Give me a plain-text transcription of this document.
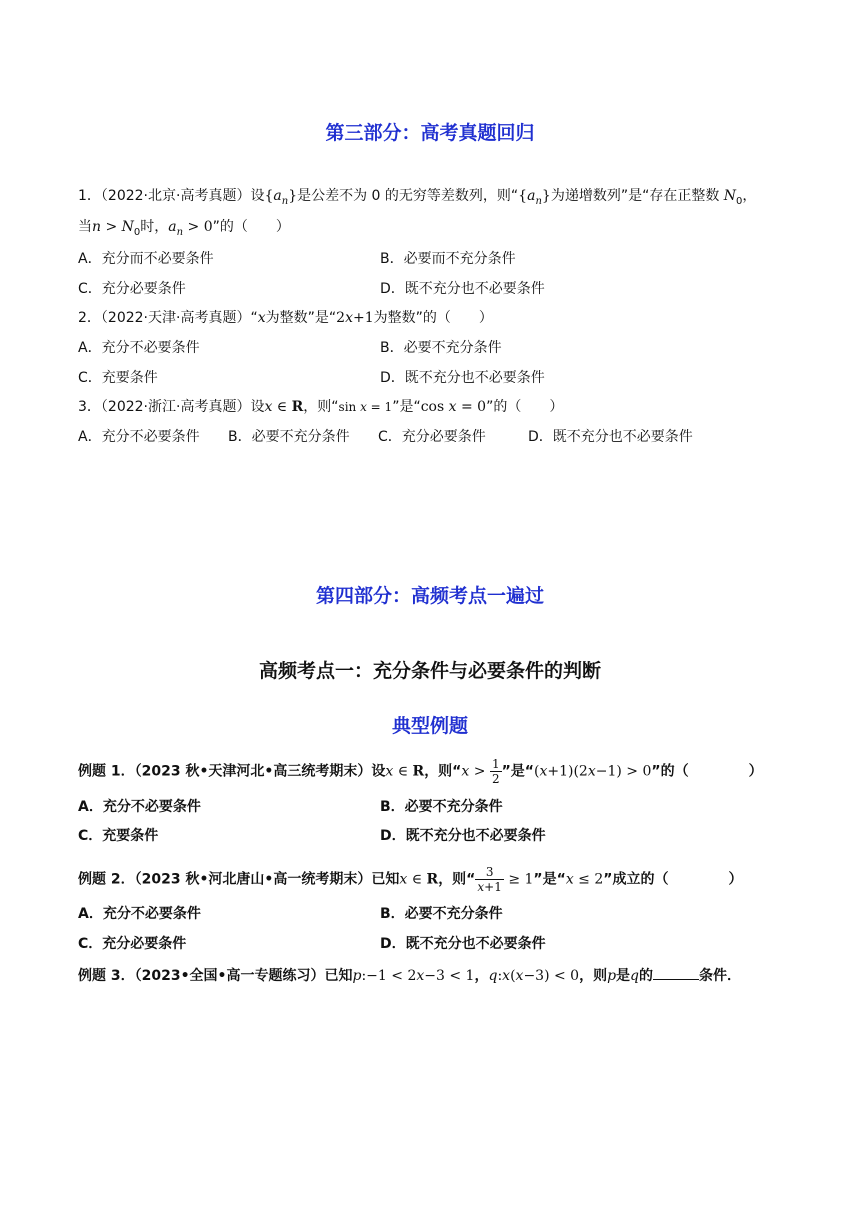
第三部分：高考真题回归
1．（2022·北京·高考真题）设$\{a_n\}$是公差不为 0 的无穷等差数列，则“$\{a_n\}$为递增数列”是“存在正整数 $N_0$，
当$n > N_0$时，$a_n > 0$”的（　　）
A．充分而不必要条件	B．必要而不充分条件
C．充分必要条件	D．既不充分也不必要条件
2．（2022·天津·高考真题）“x为整数”是“2x+1为整数”的（　　）
A．充分不必要条件	B．必要不充分条件
C．充要条件	D．既不充分也不必要条件
3．（2022·浙江·高考真题）设x ∈ R，则“sin x = 1”是“cos x = 0”的（　　）
A．充分不必要条件 B．必要不充分条件 C．充分必要条件	D．既不充分也不必要条件
第四部分：高频考点一遍过
高频考点一：充分条件与必要条件的判断
典型例题
例题 1．（2023 秋•天津河北•高三统考期末）设x ∈ R，则“$x > \frac{1}{2}$ ”是“(x+1)(2x−1) > 0”的（	）
A．充分不必要条件	B．必要不充分条件
C．充要条件	D．既不充分也不必要条件
例题 2．（2023 秋•河北唐山•高一统考期末）已知x ∈ R，则“ $\frac{3}{x+1} \ge 1$”是“x ≤ 2”成立的（	）
A．充分不必要条件	B．必要不充分条件
C．充分必要条件	D．既不充分也不必要条件
例题 3．（2023•全国•高一专题练习）已知p:−1 < 2x−3 < 1，q:x(x−3) < 0，则p是q的	条件．
